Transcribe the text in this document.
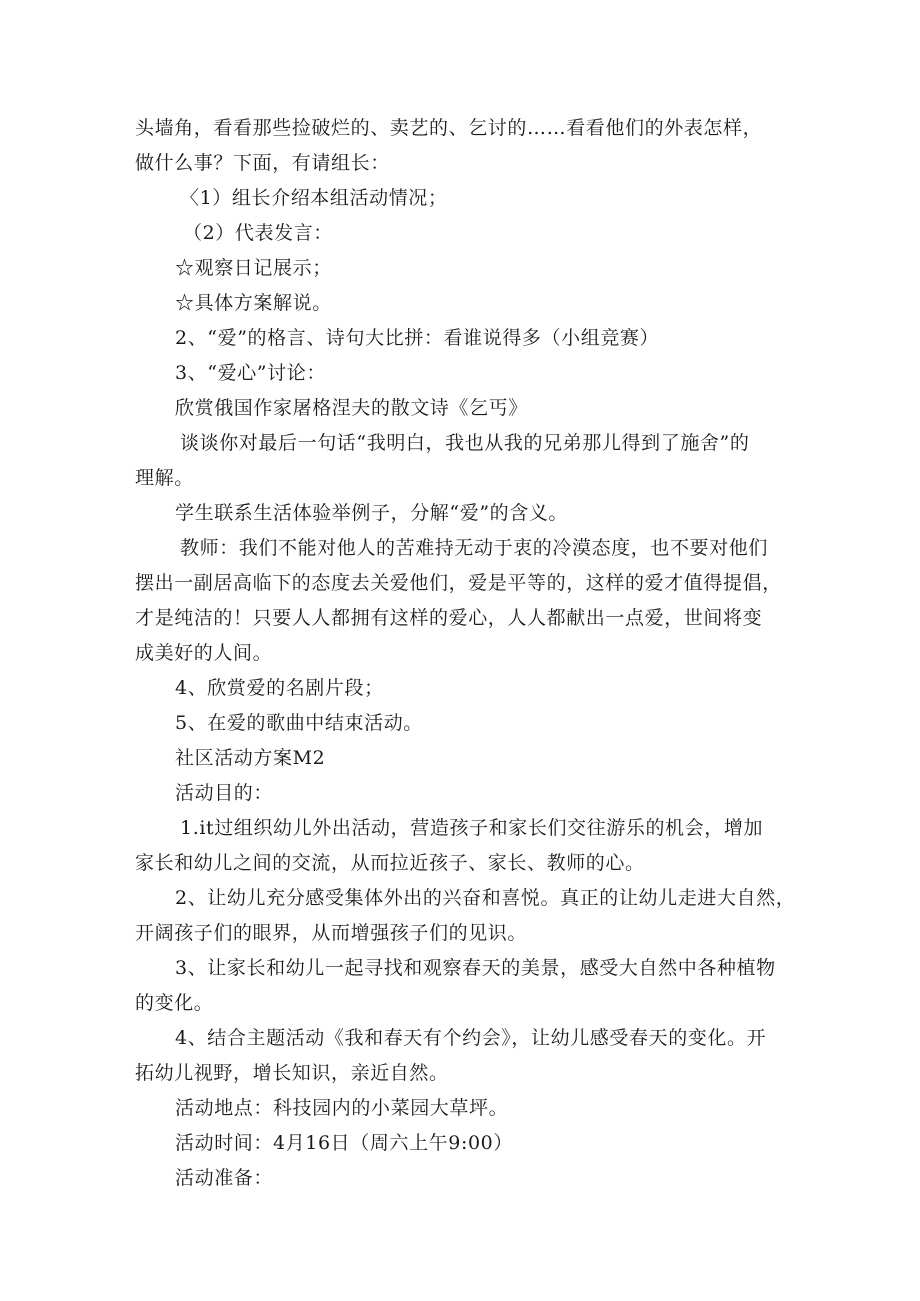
头墙角，看看那些捡破烂的、卖艺的、乞讨的……看看他们的外表怎样，
做什么事？下面，有请组长：
〈1）组长介绍本组活动情况；
（2）代表发言：
☆观察日记展示；
☆具体方案解说。
2、“爱”的格言、诗句大比拼：看谁说得多（小组竞赛）
3、“爱心”讨论：
欣赏俄国作家屠格涅夫的散文诗《乞丐》
谈谈你对最后一句话“我明白，我也从我的兄弟那儿得到了施舍”的
理解。
学生联系生活体验举例子，分解“爱”的含义。
教师：我们不能对他人的苦难持无动于衷的冷漠态度，也不要对他们
摆出一副居高临下的态度去关爱他们，爱是平等的，这样的爱才值得提倡，
才是纯洁的！只要人人都拥有这样的爱心，人人都献出一点爱，世间将变
成美好的人间。
4、欣赏爱的名剧片段；
5、在爱的歌曲中结束活动。
社区活动方案M2
活动目的：
1.it过组织幼儿外出活动，营造孩子和家长们交往游乐的机会，增加
家长和幼儿之间的交流，从而拉近孩子、家长、教师的心。
2、让幼儿充分感受集体外出的兴奋和喜悦。真正的让幼儿走进大自然，
开阔孩子们的眼界，从而增强孩子们的见识。
3、让家长和幼儿一起寻找和观察春天的美景，感受大自然中各种植物
的变化。
4、结合主题活动《我和春天有个约会》，让幼儿感受春天的变化。开
拓幼儿视野，增长知识，亲近自然。
活动地点：科技园内的小菜园大草坪。
活动时间：4月16日（周六上午9:00）
活动准备：
